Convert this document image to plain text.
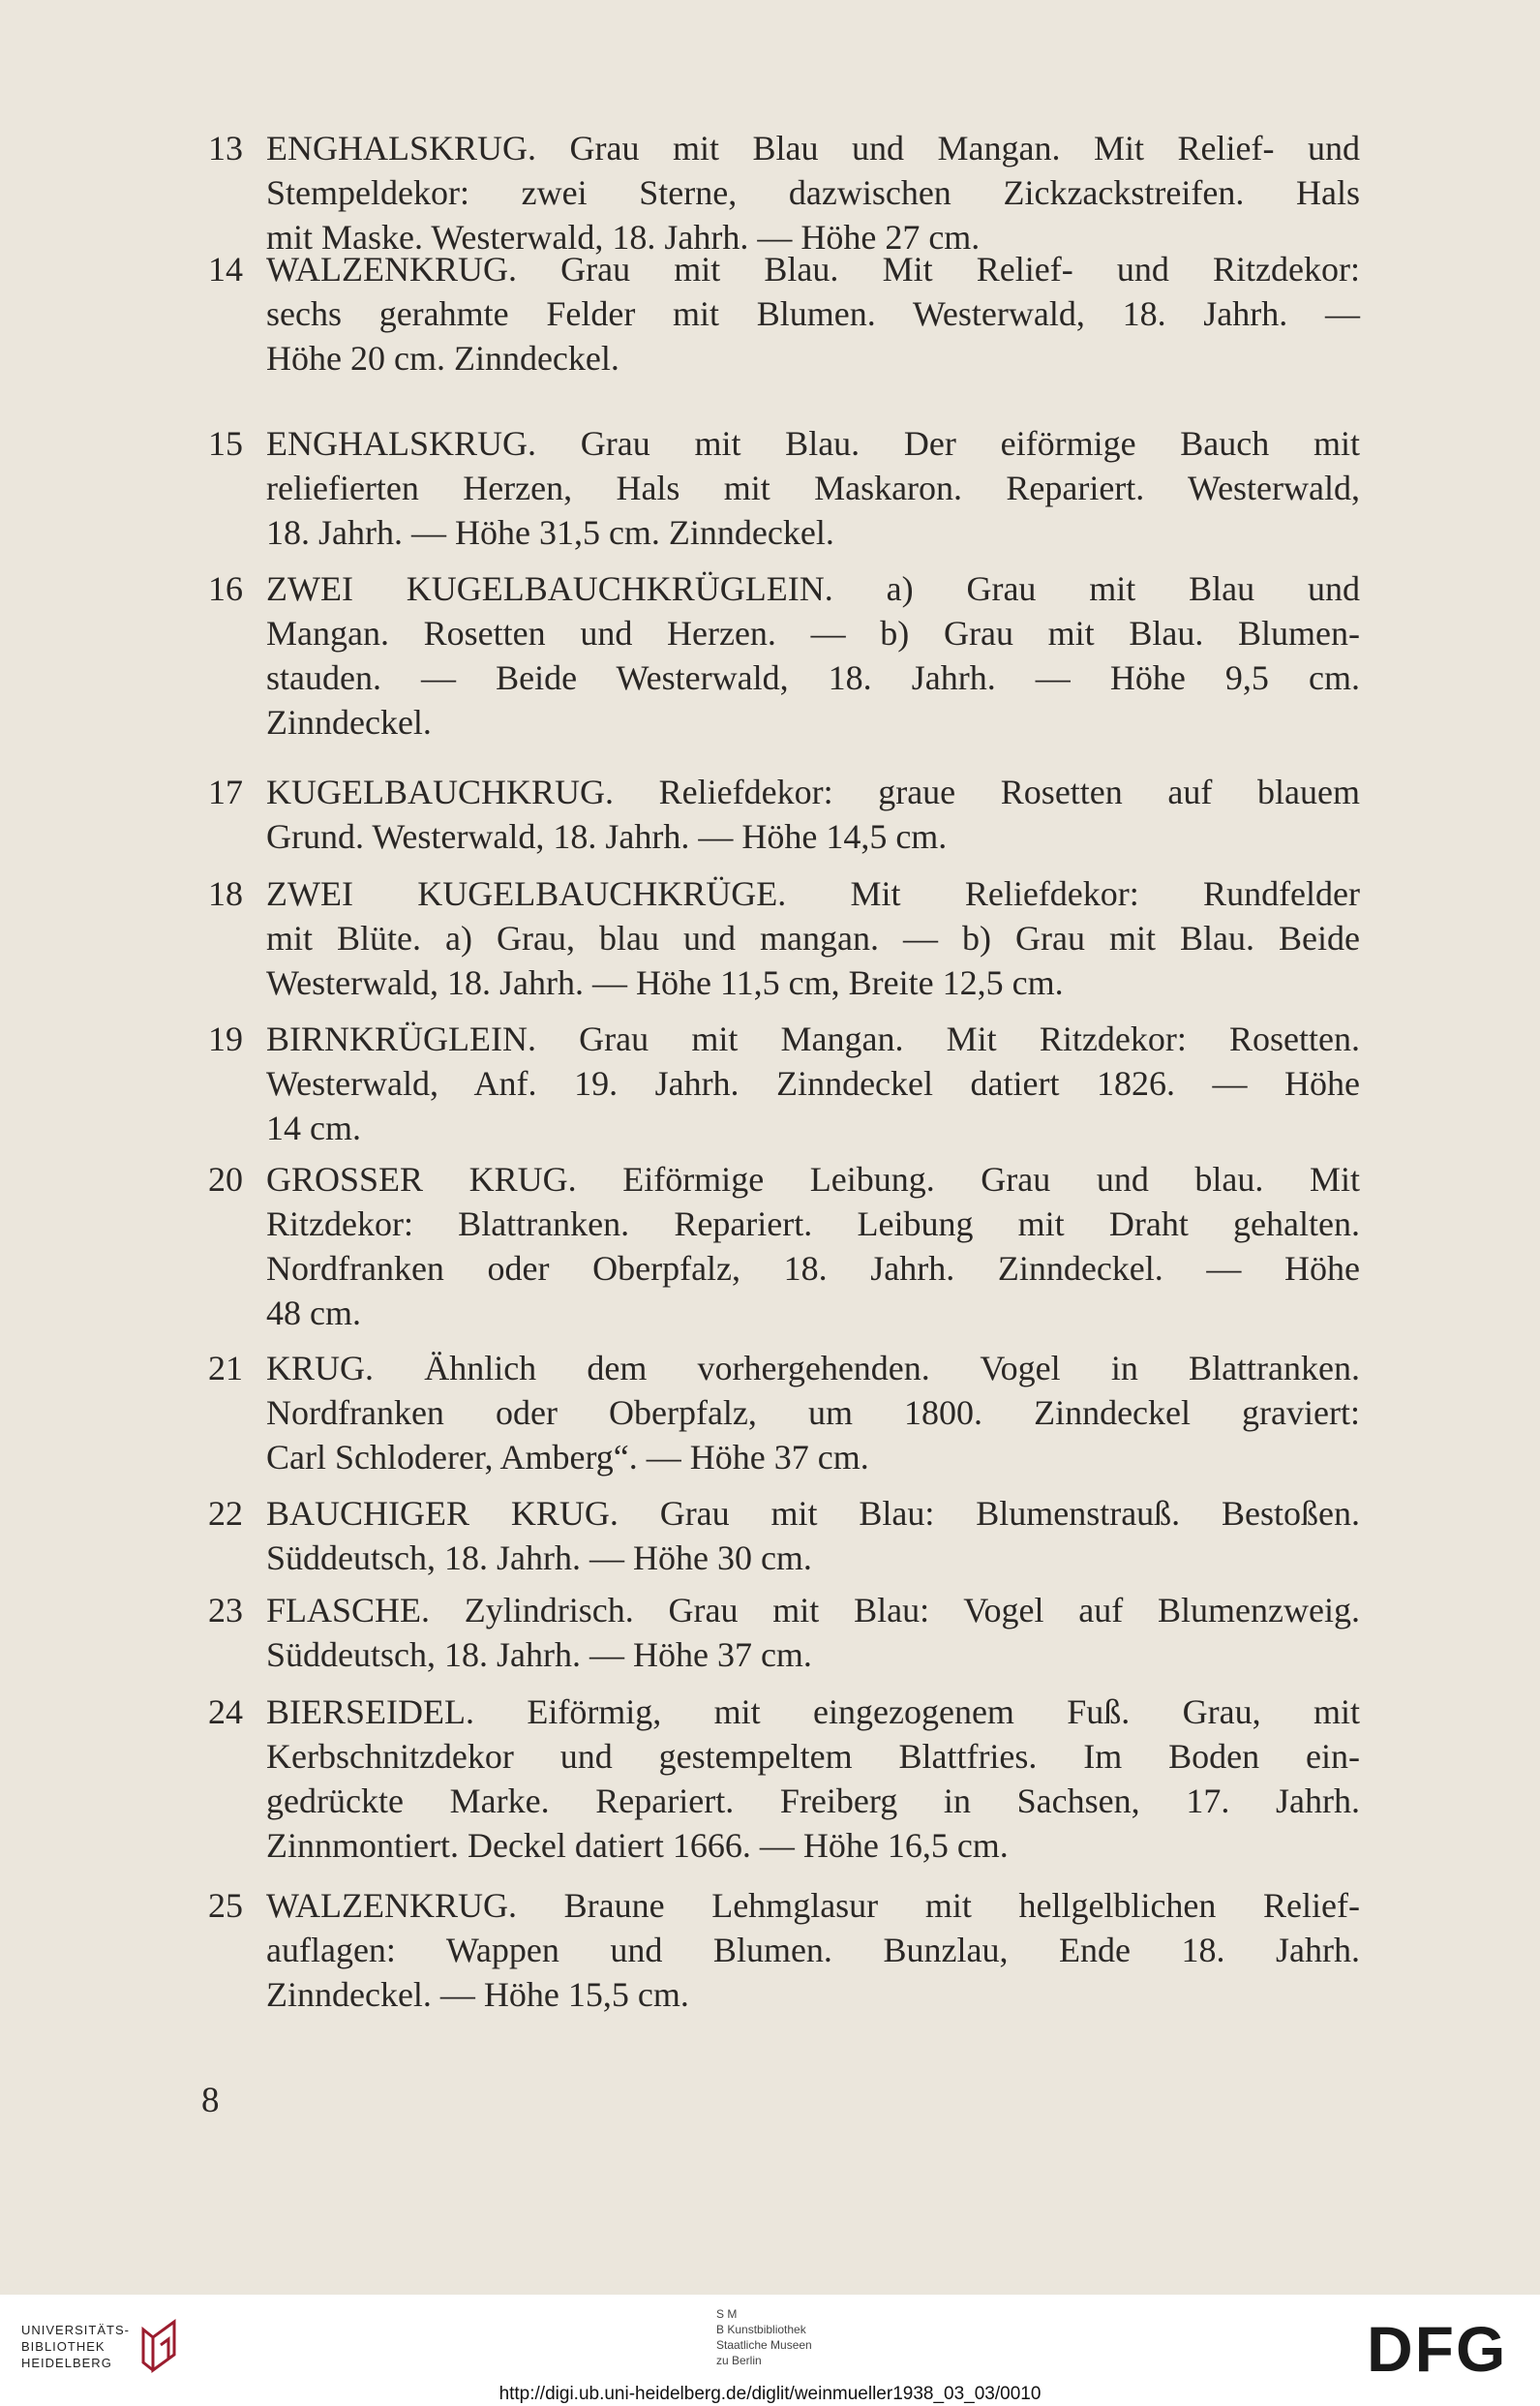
13 ENGHALSKRUG. Grau mit Blau und Mangan. Mit Relief- und
Stempeldekor: zwei Sterne, dazwischen Zickzackstreifen. Hals
mit Maske. Westerwald, 18. Jahrh. — Höhe 27 cm.
14 WALZENKRUG. Grau mit Blau. Mit Relief- und Ritzdekor:
sechs gerahmte Felder mit Blumen. Westerwald, 18. Jahrh. —
Höhe 20 cm. Zinndeckel.
15 ENGHALSKRUG. Grau mit Blau. Der eiförmige Bauch mit
reliefierten Herzen, Hals mit Maskaron. Repariert. Westerwald,
18. Jahrh. — Höhe 31,5 cm. Zinndeckel.
16 ZWEI KUGELBAUCHKRÜGLEIN. a) Grau mit Blau und
Mangan. Rosetten und Herzen. — b) Grau mit Blau. Blumen-
stauden. — Beide Westerwald, 18. Jahrh. — Höhe 9,5 cm.
Zinndeckel.
17 KUGELBAUCHKRUG. Reliefdekor: graue Rosetten auf blauem
Grund. Westerwald, 18. Jahrh. — Höhe 14,5 cm.
18 ZWEI KUGELBAUCHKRÜGE. Mit Reliefdekor: Rundfelder
mit Blüte. a) Grau, blau und mangan. — b) Grau mit Blau. Beide
Westerwald, 18. Jahrh. — Höhe 11,5 cm, Breite 12,5 cm.
19 BIRNKRÜGLEIN. Grau mit Mangan. Mit Ritzdekor: Rosetten.
Westerwald, Anf. 19. Jahrh. Zinndeckel datiert 1826. — Höhe
14 cm.
20 GROSSER KRUG. Eiförmige Leibung. Grau und blau. Mit
Ritzdekor: Blattranken. Repariert. Leibung mit Draht gehalten.
Nordfranken oder Oberpfalz, 18. Jahrh. Zinndeckel. — Höhe
48 cm.
21 KRUG. Ähnlich dem vorhergehenden. Vogel in Blattranken.
Nordfranken oder Oberpfalz, um 1800. Zinndeckel graviert:
Carl Schloderer, Amberg“. — Höhe 37 cm.
22 BAUCHIGER KRUG. Grau mit Blau: Blumenstrauß. Bestoßen.
Süddeutsch, 18. Jahrh. — Höhe 30 cm.
23 FLASCHE. Zylindrisch. Grau mit Blau: Vogel auf Blumenzweig.
Süddeutsch, 18. Jahrh. — Höhe 37 cm.
24 BIERSEIDEL. Eiförmig, mit eingezogenem Fuß. Grau, mit
Kerbschnitzdekor und gestempeltem Blattfries. Im Boden ein-
gedrückte Marke. Repariert. Freiberg in Sachsen, 17. Jahrh.
Zinnmontiert. Deckel datiert 1666. — Höhe 16,5 cm.
25 WALZENKRUG. Braune Lehmglasur mit hellgelblichen Relief-
auflagen: Wappen und Blumen. Bunzlau, Ende 18. Jahrh.
Zinndeckel. — Höhe 15,5 cm.
8
UNIVERSITÄTS-
BIBLIOTHEK
HEIDELBERG
S M
B Kunstbibliothek
Staatliche Museen
zu Berlin	DFG
http://digi.ub.uni-heidelberg.de/diglit/weinmueller1938_03_03/0010
